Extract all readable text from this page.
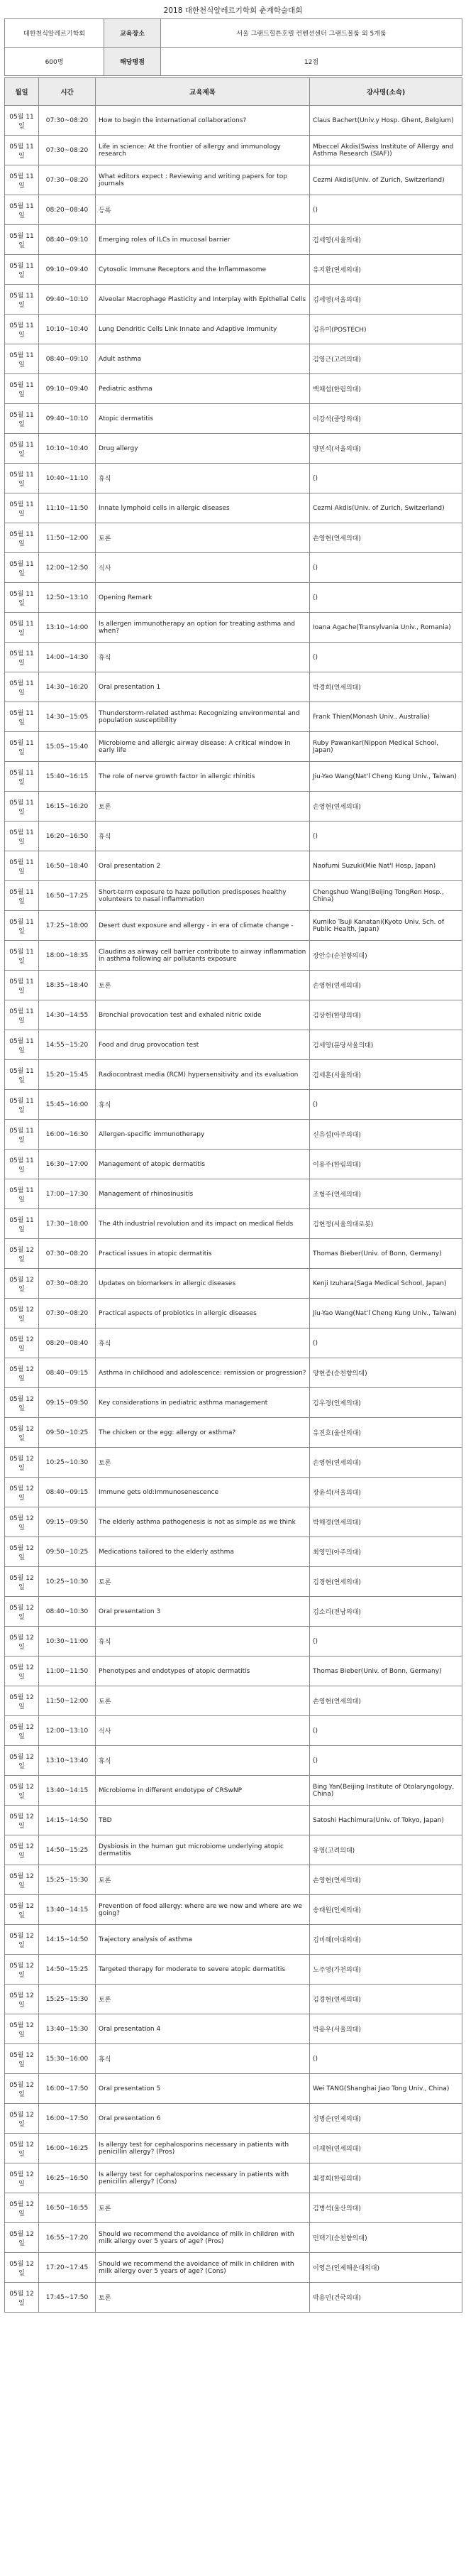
2018 대한천식알레르기학회 춘계학술대회
대한천식알레르기학회	교육장소	서울 그랜드힐튼호텔 컨벤션센터 그랜드볼룸 외 5개룸
600명	해당평점	12점
월일	시간	교육제목	강사명(소속)
05월 11일	07:30~08:20	How to begin the international collaborations?	Claus Bachert(Univ.y Hosp. Ghent, Belgium)
05월 11일	07:30~08:20	Life in science: At the frontier of allergy and immunology research	Mbeccel Akdis(Swiss Institute of Allergy and Asthma Research (SIAF))
05월 11일	07:30~08:20	What editors expect : Reviewing and writing papers for top journals	Cezmi Akdis(Univ. of Zurich, Switzerland)
05월 11일	08:20~08:40	등록	()
05월 11일	08:40~09:10	Emerging roles of ILCs in mucosal barrier	김세영(서울의대)
05월 11일	09:10~09:40	Cytosolic Immune Receptors and the Inflammasome	유지환(연세의대)
05월 11일	09:40~10:10	Alveolar Macrophage Plasticity and Interplay with Epithelial Cells	김세영(서울의대)
05월 11일	10:10~10:40	Lung Dendritic Cells Link Innate and Adaptive Immunity	김유미(POSTECH)
05월 11일	08:40~09:10	Adult asthma	김영근(고려의대)
05월 11일	09:10~09:40	Pediatric asthma	백채섭(한림의대)
05월 11일	09:40~10:10	Atopic dermatitis	이강석(중앙의대)
05월 11일	10:10~10:40	Drug allergy	양민석(서울의대)
05월 11일	10:40~11:10	휴식	()
05월 11일	11:10~11:50	Innate lymphoid cells in allergic diseases	Cezmi Akdis(Univ. of Zurich, Switzerland)
05월 11일	11:50~12:00	토론	손영현(연세의대)
05월 11일	12:00~12:50	식사	()
05월 11일	12:50~13:10	Opening Remark	()
05월 11일	13:10~14:00	Is allergen immunotherapy an option for treating asthma and when?	Ioana Agache(Transylvania Univ., Romania)
05월 11일	14:00~14:30	휴식	()
05월 11일	14:30~16:20	Oral presentation 1	박경희(연세의대)
05월 11일	14:30~15:05	Thunderstorm-related asthma: Recognizing environmental and population susceptibility	Frank Thien(Monash Univ., Australia)
05월 11일	15:05~15:40	Microbiome and allergic airway disease: A critical window in early life	Ruby Pawankar(Nippon Medical School, Japan)
05월 11일	15:40~16:15	The role of nerve growth factor in allergic rhinitis	Jiu-Yao Wang(Nat'l Cheng Kung Univ., Taiwan)
05월 11일	16:15~16:20	토론	손영현(연세의대)
05월 11일	16:20~16:50	휴식	()
05월 11일	16:50~18:40	Oral presentation 2	Naofumi Suzuki(Mie Nat'l Hosp, Japan)
05월 11일	16:50~17:25	Short-term exposure to haze pollution predisposes healthy volunteers to nasal inflammation	Chengshuo Wang(Beijing TongRen Hosp., China)
05월 11일	17:25~18:00	Desert dust exposure and allergy - in era of climate change -	Kumiko Tsuji Kanatani(Kyoto Univ. Sch. of Public Health, Japan)
05월 11일	18:00~18:35	Claudins as airway cell barrier contribute to airway inflammation in asthma following air pollutants exposure	장안수(순천향의대)
05월 11일	18:35~18:40	토론	손영현(연세의대)
05월 11일	14:30~14:55	Bronchial provocation test and exhaled nitric oxide	김상헌(한양의대)
05월 11일	14:55~15:20	Food and drug provocation test	김세영(분당서울의대)
05월 11일	15:20~15:45	Radiocontrast media (RCM) hypersensitivity and its evaluation	김세훈(서울의대)
05월 11일	15:45~16:00	휴식	()
05월 11일	16:00~16:30	Allergen-specific immunotherapy	신유섭(아주의대)
05월 11일	16:30~17:00	Management of atopic dermatitis	이용주(한림의대)
05월 11일	17:00~17:30	Management of rhinosinusitis	조형주(연세의대)
05월 11일	17:30~18:00	The 4th industrial revolution and its impact on medical fields	김현정(서울의대로봇)
05월 12일	07:30~08:20	Practical issues in atopic dermatitis	Thomas Bieber(Univ. of Bonn, Germany)
05월 12일	07:30~08:20	Updates on biomarkers in allergic diseases	Kenji Izuhara(Saga Medical School, Japan)
05월 12일	07:30~08:20	Practical aspects of probiotics in allergic diseases	Jiu-Yao Wang(Nat'l Cheng Kung Univ., Taiwan)
05월 12일	08:20~08:40	휴식	()
05월 12일	08:40~09:15	Asthma in childhood and adolescence: remission or progression?	양현종(순천향의대)
05월 12일	09:15~09:50	Key considerations in pediatric asthma management	김우경(인제의대)
05월 12일	09:50~10:25	The chicken or the egg: allergy or asthma?	유진호(울산의대)
05월 12일	10:25~10:30	토론	손영현(연세의대)
05월 12일	08:40~09:15	Immune gets old:Immunosenescence	장윤석(서울의대)
05월 12일	09:15~09:50	The elderly asthma pathogenesis is not as simple as we think	박해경(연세의대)
05월 12일	09:50~10:25	Medications tailored to the elderly asthma	최영민(아주의대)
05월 12일	10:25~10:30	토론	김경현(연세의대)
05월 12일	08:40~10:30	Oral presentation 3	김소리(전남의대)
05월 12일	10:30~11:00	휴식	()
05월 12일	11:00~11:50	Phenotypes and endotypes of atopic dermatitis	Thomas Bieber(Univ. of Bonn, Germany)
05월 12일	11:50~12:00	토론	손영현(연세의대)
05월 12일	12:00~13:10	식사	()
05월 12일	13:10~13:40	휴식	()
05월 12일	13:40~14:15	Microbiome in different endotype of CRSwNP	Bing Yan(Beijing Institute of Otolaryngology, China)
05월 12일	14:15~14:50	TBD	Satoshi Hachimura(Univ. of Tokyo, Japan)
05월 12일	14:50~15:25	Dysbiosis in the human gut microbiome underlying atopic dermatitis	유영(고려의대)
05월 12일	15:25~15:30	토론	손영현(연세의대)
05월 12일	13:40~14:15	Prevention of food allergy: where are we now and where are we going?	송태원(인제의대)
05월 12일	14:15~14:50	Trajectory analysis of asthma	김미혜(이대의대)
05월 12일	14:50~15:25	Targeted therapy for moderate to severe atopic dermatitis	노주영(가천의대)
05월 12일	15:25~15:30	토론	김경현(연세의대)
05월 12일	13:40~15:30	Oral presentation 4	박용우(서울의대)
05월 12일	15:30~16:00	휴식	()
05월 12일	16:00~17:50	Oral presentation 5	Wei TANG(Shanghai Jiao Tong Univ., China)
05월 12일	16:00~17:50	Oral presentation 6	성명순(인제의대)
05월 12일	16:00~16:25	Is allergy test for cephalosporins necessary in patients with penicillin allergy? (Pros)	이재현(연세의대)
05월 12일	16:25~16:50	Is allergy test for cephalosporins necessary in patients with penicillin allergy? (Cons)	최정희(한림의대)
05월 12일	16:50~16:55	토론	김병석(울산의대)
05월 12일	16:55~17:20	Should we recommend the avoidance of milk in children with milk allergy over 5 years of age? (Pros)	민택기(순천향의대)
05월 12일	17:20~17:45	Should we recommend the avoidance of milk in children with milk allergy over 5 years of age? (Cons)	이영은(인제해운대의대)
05월 12일	17:45~17:50	토론	박용민(건국의대)
